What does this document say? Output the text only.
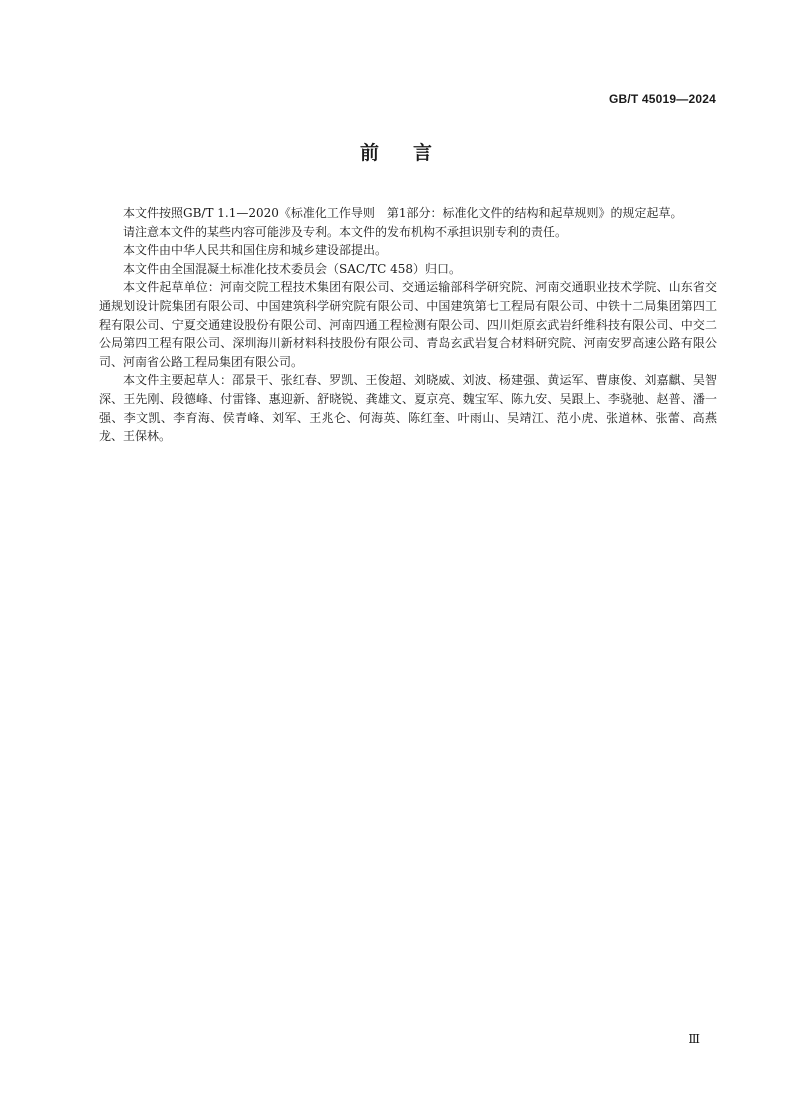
GB/T 45019—2024
前言

本文件按照GB/T 1.1—2020《标准化工作导则　第1部分：标准化文件的结构和起草规则》的规定起草。

请注意本文件的某些内容可能涉及专利。本文件的发布机构不承担识别专利的责任。

本文件由中华人民共和国住房和城乡建设部提出。

本文件由全国混凝土标准化技术委员会（SAC/TC 458）归口。

本文件起草单位：河南交院工程技术集团有限公司、交通运输部科学研究院、河南交通职业技术学院、山东省交通规划设计院集团有限公司、中国建筑科学研究院有限公司、中国建筑第七工程局有限公司、中铁十二局集团第四工程有限公司、宁夏交通建设股份有限公司、河南四通工程检测有限公司、四川炬原玄武岩纤维科技有限公司、中交二公局第四工程有限公司、深圳海川新材料科技股份有限公司、青岛玄武岩复合材料研究院、河南安罗高速公路有限公司、河南省公路工程局集团有限公司。

本文件主要起草人：邵景干、张红春、罗凯、王俊超、刘晓威、刘波、杨建强、黄运军、曹康俊、刘嘉麒、吴智深、王先刚、段德峰、付雷锋、惠迎新、舒晓锐、龚雄文、夏京亮、魏宝军、陈九安、吴跟上、李骁驰、赵普、潘一强、李文凯、李育海、侯青峰、刘军、王兆仑、何海英、陈红奎、叶雨山、吴靖江、范小虎、张道林、张蕾、高燕龙、王保林。

Ⅲ
